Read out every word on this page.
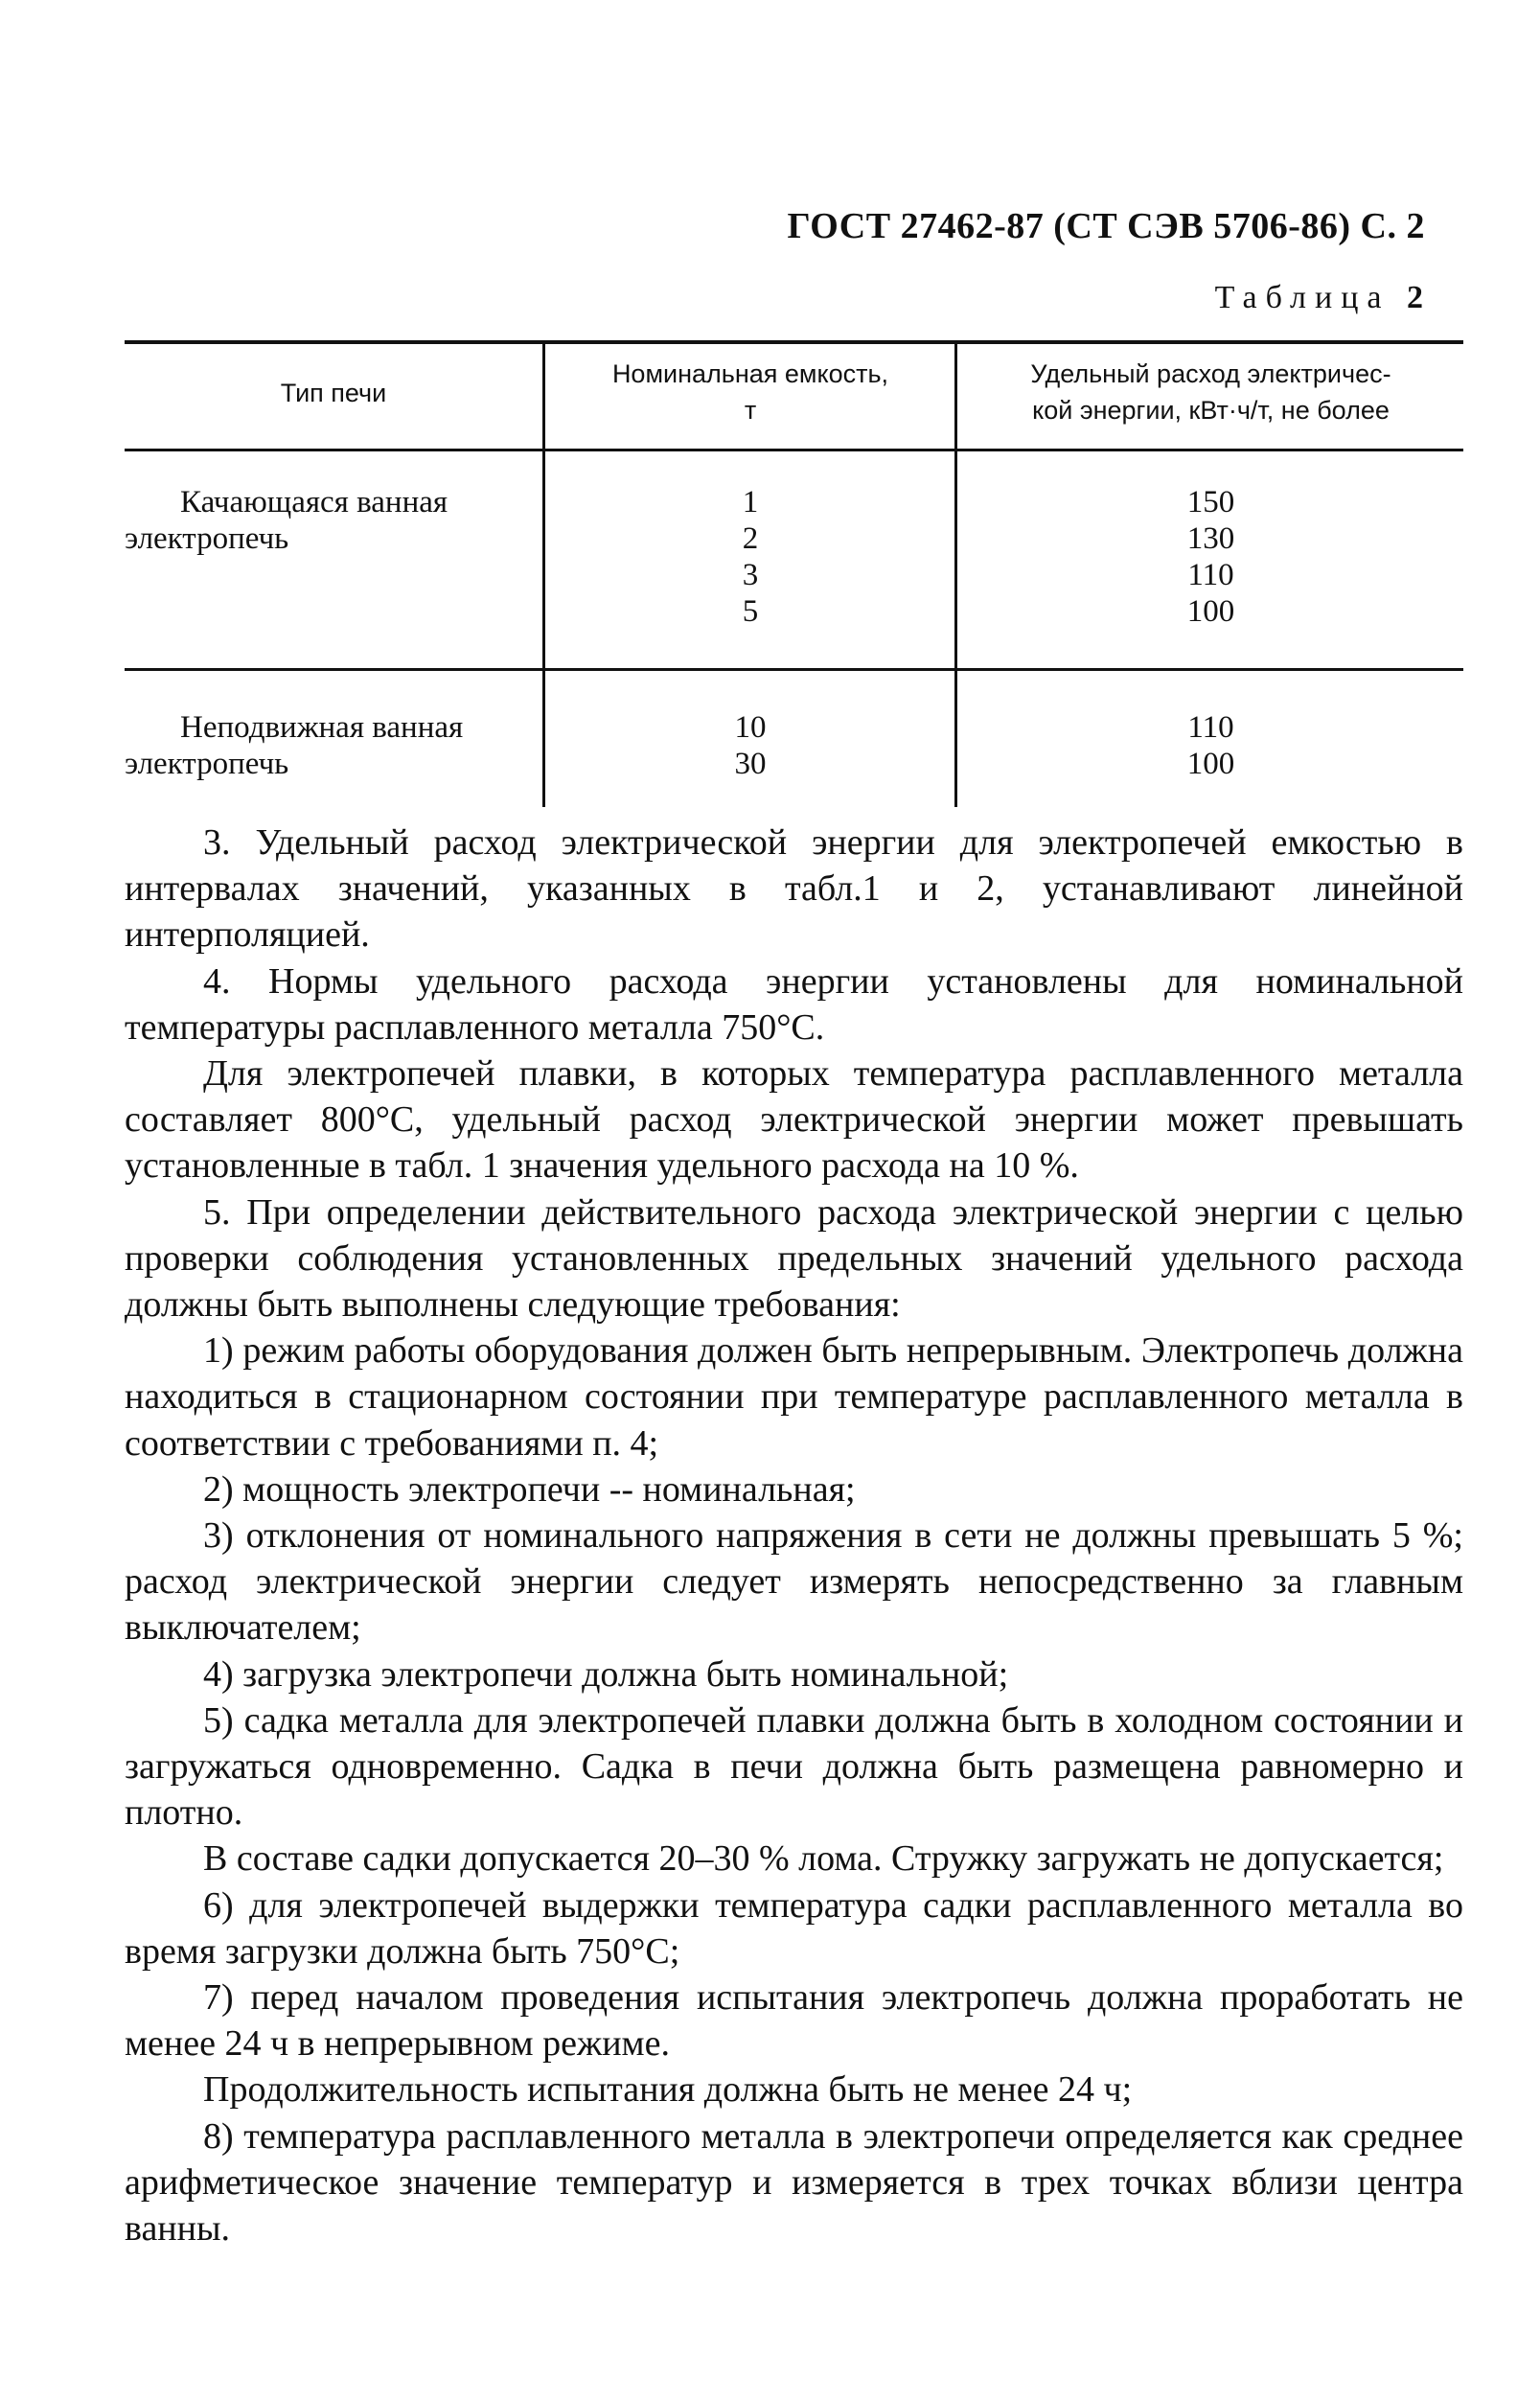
ГОСТ 27462-87 (СТ СЭВ 5706-86) С. 2
Таблица 2
Тип печи
Номинальная емкость,
т
Удельный расход электричес-
кой энергии, кВт·ч/т, не более
Качающаяся ванная
электропечь
1
2
3
5
150
130
110
100
Неподвижная ванная
электропечь
10
30
110
100

3. Удельный расход электрической энергии для электропечей емкостью в интервалах значений, указанных в табл.1 и 2, устанавливают линейной интерполяцией.

4. Нормы удельного расхода энергии установлены для номинальной температуры расплавленного металла 750°С.

Для электропечей плавки, в которых температура расплавленного металла составляет 800°С, удельный расход электрической энергии может превышать установленные в табл. 1 значения удельного расхода на 10 %.

5. При определении действительного расхода электрической энергии с целью проверки соблюдения установленных предельных значений удельного расхода должны быть выполнены следующие требования:

1) режим работы оборудования должен быть непрерывным. Электропечь должна находиться в стационарном состоянии при температуре расплавленного металла в соответствии с требованиями п. 4;

2) мощность электропечи -- номинальная;

3) отклонения от номинального напряжения в сети не должны превышать 5 %; расход электрической энергии следует измерять непосредственно за главным выключателем;

4) загрузка электропечи должна быть номинальной;

5) садка металла для электропечей плавки должна быть в холодном состоянии и загружаться одновременно. Садка в печи должна быть размещена равномерно и плотно.

В составе садки допускается 20–30 % лома. Стружку загружать не допускается;

6) для электропечей выдержки температура садки расплавленного металла во время загрузки должна быть 750°С;

7) перед началом проведения испытания электропечь должна проработать не менее 24 ч в непрерывном режиме.

Продолжительность испытания должна быть не менее 24 ч;

8) температура расплавленного металла в электропечи определяется как среднее арифметическое значение температур и измеряется в трех точках вблизи центра ванны.
